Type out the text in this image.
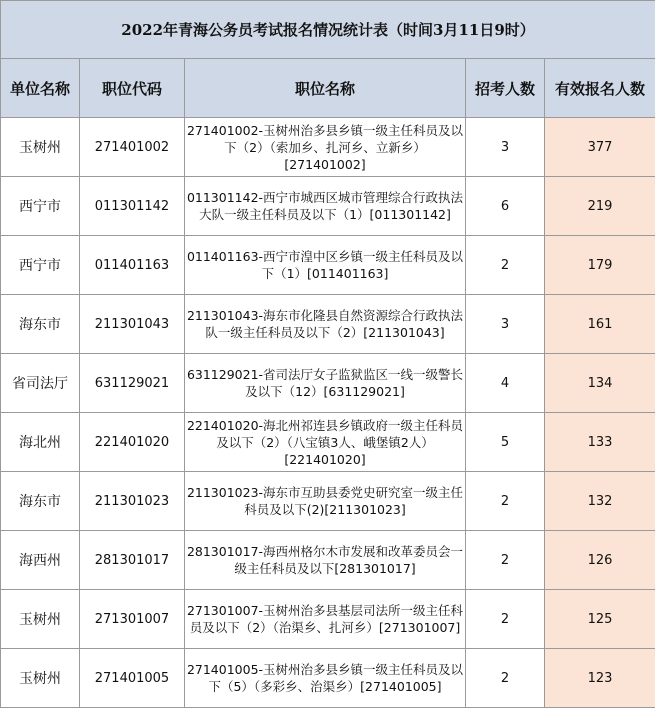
2022年青海公务员考试报名情况统计表（时间3月11日9时）				
单位名称	职位代码	职位名称	招考人数	有效报名人数
玉树州	271401002	271401002-玉树州治多县乡镇一级主任科员及以下（2）（索加乡、扎河乡、立新乡）[271401002]	3	377
西宁市	011301142	011301142-西宁市城西区城市管理综合行政执法大队一级主任科员及以下（1）[011301142]	6	219
西宁市	011401163	011401163-西宁市湟中区乡镇一级主任科员及以下（1）[011401163]	2	179
海东市	211301043	211301043-海东市化隆县自然资源综合行政执法队一级主任科员及以下（2）[211301043]	3	161
省司法厅	631129021	631129021-省司法厅女子监狱监区一线一级警长及以下（12）[631129021]	4	134
海北州	221401020	221401020-海北州祁连县乡镇政府一级主任科员及以下（2）（八宝镇3人、峨堡镇2人）[221401020]	5	133
海东市	211301023	211301023-海东市互助县委党史研究室一级主任科员及以下(2)[211301023]	2	132
海西州	281301017	281301017-海西州格尔木市发展和改革委员会一级主任科员及以下[281301017]	2	126
玉树州	271301007	271301007-玉树州治多县基层司法所一级主任科员及以下（2）（治渠乡、扎河乡）[271301007]	2	125
玉树州	271401005	271401005-玉树州治多县乡镇一级主任科员及以下（5）（多彩乡、治渠乡）[271401005]	2	123
